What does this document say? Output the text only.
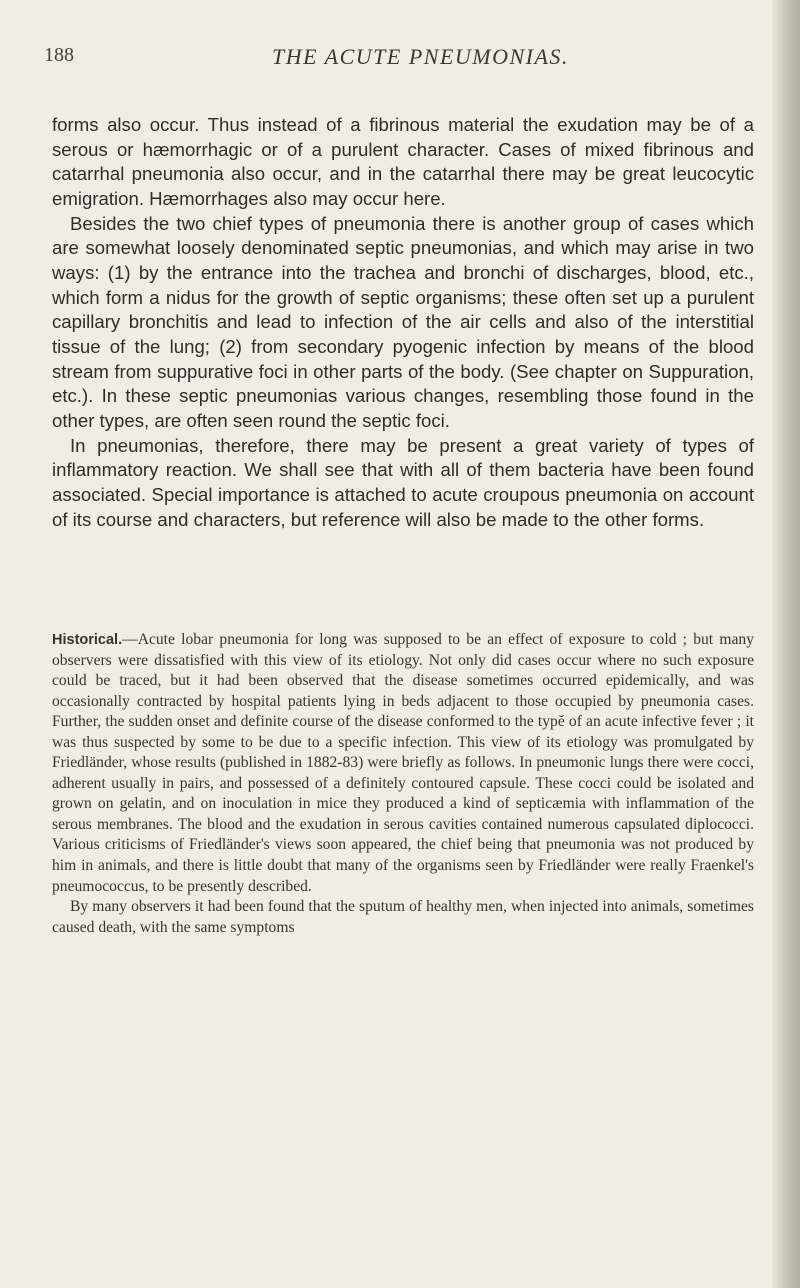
188	THE ACUTE PNEUMONIAS.

forms also occur. Thus instead of a fibrinous material the exudation may be of a serous or hæmorrhagic or of a purulent character. Cases of mixed fibrinous and catarrhal pneumonia also occur, and in the catarrhal there may be great leucocytic emigration. Hæmorrhages also may occur here.

Besides the two chief types of pneumonia there is another group of cases which are somewhat loosely denominated septic pneumonias, and which may arise in two ways: (1) by the entrance into the trachea and bronchi of discharges, blood, etc., which form a nidus for the growth of septic organisms; these often set up a purulent capillary bronchitis and lead to infection of the air cells and also of the interstitial tissue of the lung; (2) from secondary pyogenic infection by means of the blood stream from suppurative foci in other parts of the body. (See chapter on Suppuration, etc.). In these septic pneumonias various changes, resembling those found in the other types, are often seen round the septic foci.

In pneumonias, therefore, there may be present a great variety of types of inflammatory reaction. We shall see that with all of them bacteria have been found associated. Special importance is attached to acute croupous pneumonia on account of its course and characters, but reference will also be made to the other forms.

Historical.—Acute lobar pneumonia for long was supposed to be an effect of exposure to cold ; but many observers were dissatisfied with this view of its etiology. Not only did cases occur where no such exposure could be traced, but it had been observed that the disease sometimes occurred epidemically, and was occasionally contracted by hospital patients lying in beds adjacent to those occupied by pneumonia cases. Further, the sudden onset and definite course of the disease conformed to the typĕ of an acute infective fever ; it was thus suspected by some to be due to a specific infection. This view of its etiology was promulgated by Friedländer, whose results (published in 1882-83) were briefly as follows. In pneumonic lungs there were cocci, adherent usually in pairs, and possessed of a definitely contoured capsule. These cocci could be isolated and grown on gelatin, and on inoculation in mice they produced a kind of septicæmia with inflammation of the serous membranes. The blood and the exudation in serous cavities contained numerous capsulated diplococci. Various criticisms of Friedländer's views soon appeared, the chief being that pneumonia was not produced by him in animals, and there is little doubt that many of the organisms seen by Friedländer were really Fraenkel's pneumococcus, to be presently described.

By many observers it had been found that the sputum of healthy men, when injected into animals, sometimes caused death, with the same symptoms
